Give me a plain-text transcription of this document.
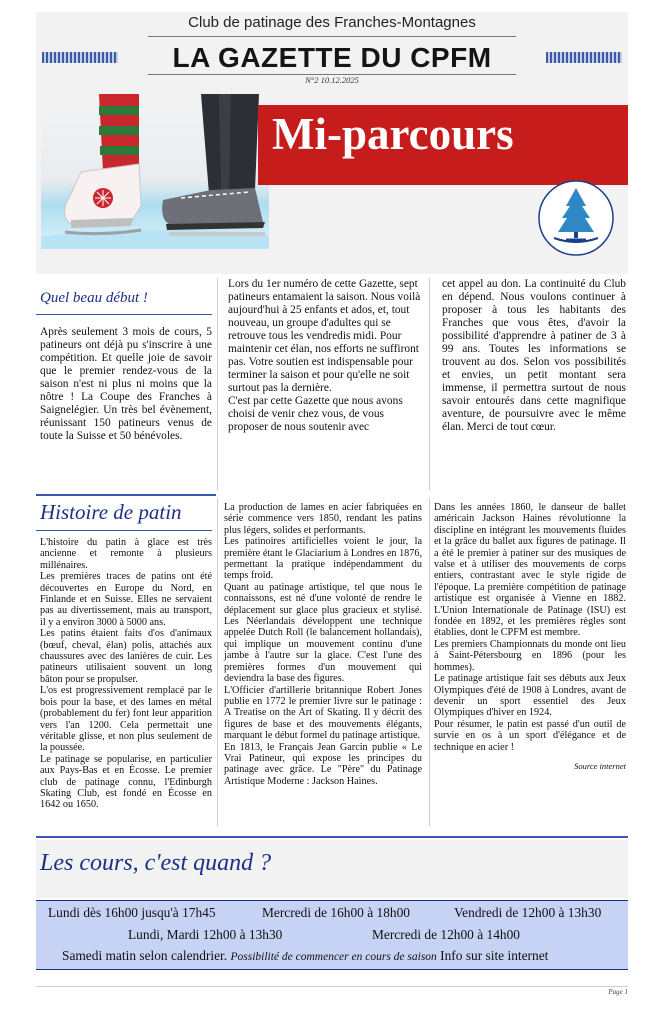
Club de patinage des Franches-Montagnes
LA GAZETTE DU CPFM
N°2 10.12.2025
Mi-parcours
Quel beau début !

Après seulement 3 mois de cours, 5 patineurs ont déjà pu s'inscrire à une compétition. Et quelle joie de savoir que le premier rendez-vous de la saison n'est ni plus ni moins que la nôtre ! La Coupe des Franches à Saignelégier. Un très bel évènement, réunissant 150 patineurs venus de toute la Suisse et 50 bénévoles.

Lors du 1er numéro de cette Gazette, sept patineurs entamaient la saison. Nous voilà aujourd'hui à 25 enfants et ados, et, tout nouveau, un groupe d'adultes qui se retrouve tous les vendredis midi. Pour maintenir cet élan, nos efforts ne suffiront pas. Votre soutien est indispensable pour terminer la saison et pour qu'elle ne soit surtout pas la dernière.

C'est par cette Gazette que nous avons choisi de venir chez vous, de vous proposer de nous soutenir avec

cet appel au don. La continuité du Club en dépend. Nous voulons continuer à proposer à tous les habitants des Franches que vous êtes, d'avoir la possibilité d'apprendre à patiner de 3 à 99 ans. Toutes les informations se trouvent au dos. Selon vos possibilités et envies, un petit montant sera immense, il permettra surtout de nous savoir entourés dans cette magnifique aventure, de poursuivre avec le même élan. Merci de tout cœur.

Histoire de patin

L'histoire du patin à glace est très ancienne et remonte à plusieurs millénaires.

Les premières traces de patins ont été découvertes en Europe du Nord, en Finlande et en Suisse. Elles ne servaient pas au divertissement, mais au transport, il y a environ 3000 à 5000 ans.

Les patins étaient faits d'os d'animaux (bœuf, cheval, élan) polis, attachés aux chaussures avec des lanières de cuir. Les patineurs utilisaient souvent un long bâton pour se propulser.

L'os est progressivement remplacé par le bois pour la base, et des lames en métal (probablement du fer) font leur apparition vers l'an 1200. Cela permettait une véritable glisse, et non plus seulement de la poussée.

Le patinage se popularise, en particulier aux Pays-Bas et en Écosse. Le premier club de patinage connu, l'Edinburgh Skating Club, est fondé en Écosse en 1642 ou 1650.

La production de lames en acier fabriquées en série commence vers 1850, rendant les patins plus légers, solides et performants.

Les patinoires artificielles voient le jour, la première étant le Glaciarium à Londres en 1876, permettant la pratique indépendamment du temps froid.

Quant au patinage artistique, tel que nous le connaissons, est né d'une volonté de rendre le déplacement sur glace plus gracieux et stylisé. Les Néerlandais développent une technique appelée Dutch Roll (le balancement hollandais), qui implique un mouvement continu d'une jambe à l'autre sur la glace. C'est l'une des premières formes d'un mouvement qui deviendra la base des figures.

L'Officier d'artillerie britannique Robert Jones publie en 1772 le premier livre sur le patinage : A Treatise on the Art of Skating. Il y décrit des figures de base et des mouvements élégants, marquant le début formel du patinage artistique.

En 1813, le Français Jean Garcin publie « Le Vrai Patineur, qui expose les principes du patinage avec grâce. Le "Père" du Patinage Artistique Moderne : Jackson Haines.

Dans les années 1860, le danseur de ballet américain Jackson Haines révolutionne la discipline en intégrant les mouvements fluides et la grâce du ballet aux figures de patinage. Il a été le premier à patiner sur des musiques de valse et à utiliser des mouvements de corps entiers, contrastant avec le style rigide de l'époque. La première compétition de patinage artistique est organisée à Vienne en 1882. L'Union Internationale de Patinage (ISU) est fondée en 1892, et les premières règles sont établies, dont le CPFM est membre.

Les premiers Championnats du monde ont lieu à Saint-Pétersbourg en 1896 (pour les hommes).

Le patinage artistique fait ses débuts aux Jeux Olympiques d'été de 1908 à Londres, avant de devenir un sport essentiel des Jeux Olympiques d'hiver en 1924.

Pour résumer, le patin est passé d'un outil de survie en os à un sport d'élégance et de technique en acier !

Source internet

Les cours, c'est quand ?
Lundi dès 16h00 jusqu'à 17h45	Mercredi de 16h00 à 18h00	Vendredi de 12h00 à 13h30
Lundi, Mardi 12h00 à 13h30	Mercredi de 12h00 à 14h00
Samedi matin selon calendrier. Possibilité de commencer en cours de saison Info sur site internet
Page 1
